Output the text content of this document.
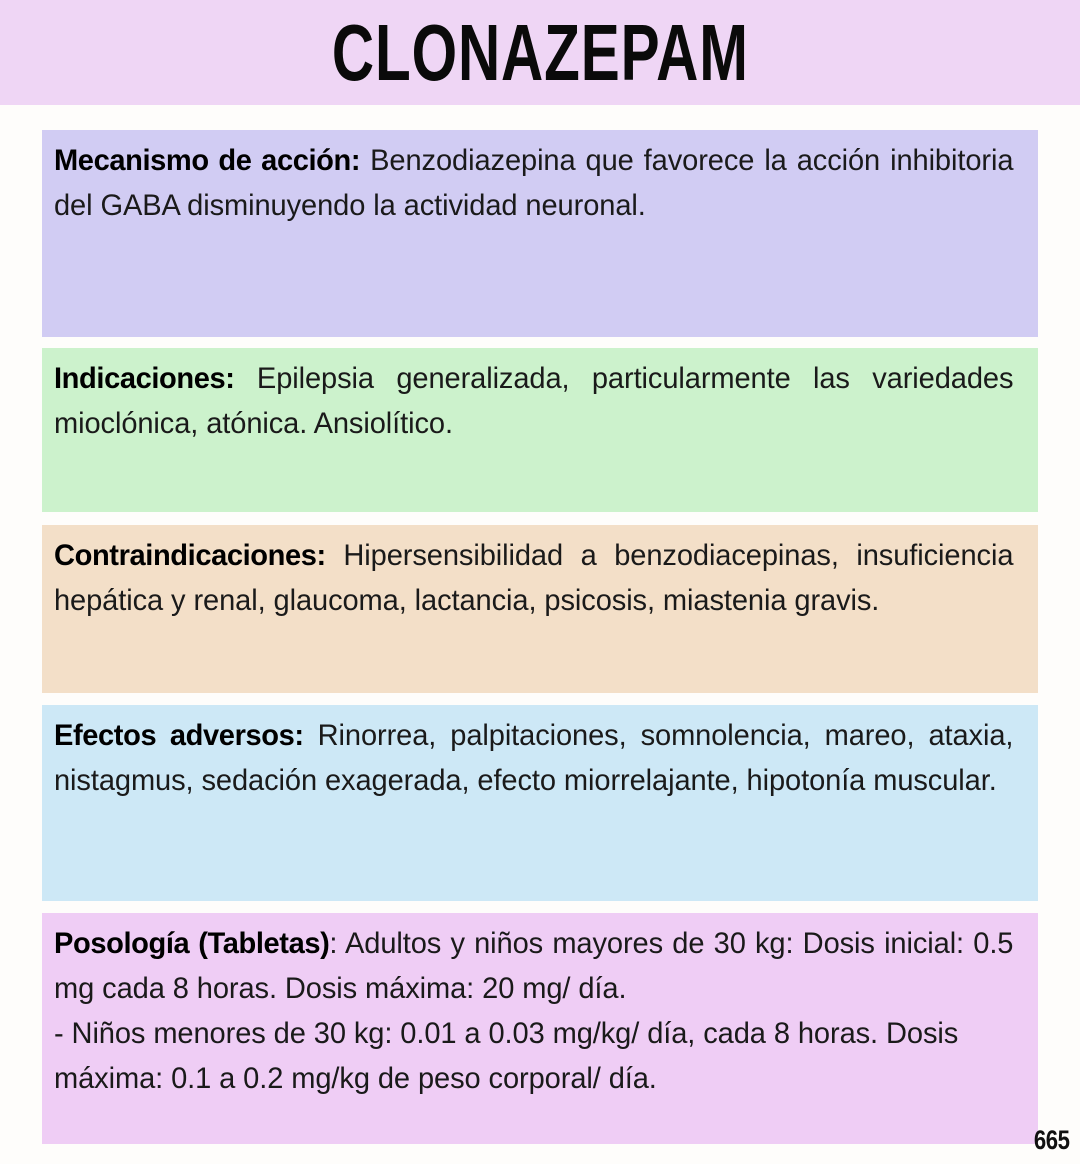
CLONAZEPAM

Mecanismo de acción: Benzodiazepina que favorece la acción inhibitoria del GABA disminuyendo la actividad neuronal.

Indicaciones: Epilepsia generalizada, particularmente las variedades mioclónica, atónica. Ansiolítico.

Contraindicaciones: Hipersensibilidad a benzodiacepinas, insuficiencia hepática y renal, glaucoma, lactancia, psicosis, miastenia gravis.

Efectos adversos: Rinorrea, palpitaciones, somnolencia, mareo, ataxia, nistagmus, sedación exagerada, efecto miorrelajante, hipotonía muscular.

Posología (Tabletas): Adultos y niños mayores de 30 kg: Dosis inicial: 0.5 mg cada 8 horas. Dosis máxima: 20 mg/ día.

- Niños menores de 30 kg: 0.01 a 0.03 mg/kg/ día, cada 8 horas. Dosis máxima: 0.1 a 0.2 mg/kg de peso corporal/ día.

665
